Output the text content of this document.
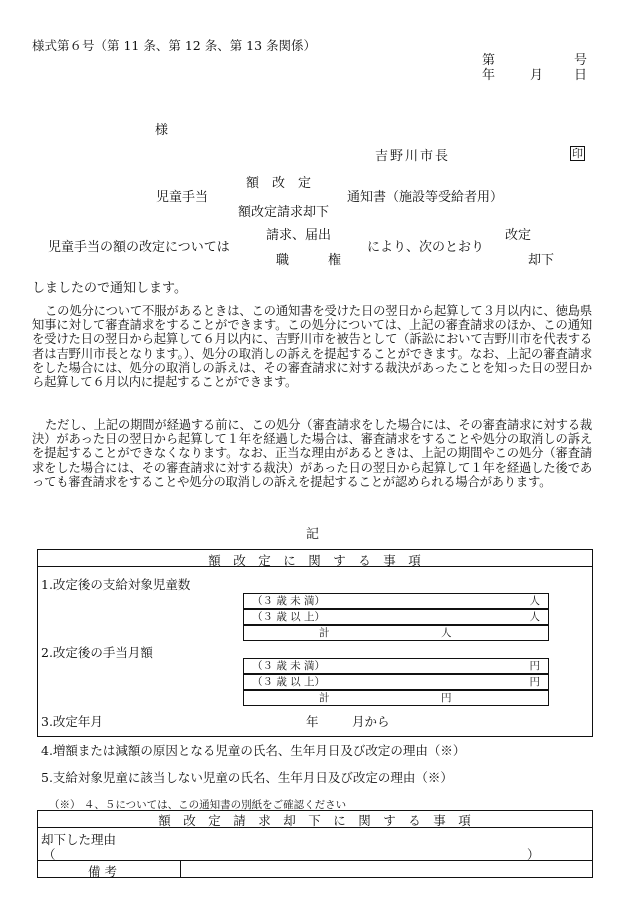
様式第６号（第 11 条、第 12 条、第 13 条関係）
第	号
年	月 日
様
吉野川市長	印
額　改　定
児童手当	通知書（施設等受給者用）
額改定請求却下
請求、届出	改定
児童手当の額の改定については	により、次のとおり
職　　　権	却下
しましたので通知します。
この処分について不服があるときは、この通知書を受けた日の翌日から起算して３月以内に、徳島県知事に対して審査請求をすることができます。この処分については、上記の審査請求のほか、この通知を受けた日の翌日から起算して６月以内に、吉野川市を被告として（訴訟において吉野川市を代表する者は吉野川市長となります。）、処分の取消しの訴えを提起することができます。なお、上記の審査請求をした場合には、処分の取消しの訴えは、その審査請求に対する裁決があったことを知った日の翌日から起算して６月以内に提起することができます。
ただし、上記の期間が経過する前に、この処分（審査請求をした場合には、その審査請求に対する裁決）があった日の翌日から起算して１年を経過した場合は、審査請求をすることや処分の取消しの訴えを提起することができなくなります。なお、正当な理由があるときは、上記の期間やこの処分（審査請求をした場合には、その審査請求に対する裁決）があった日の翌日から起算して１年を経過した後であっても審査請求をすることや処分の取消しの訴えを提起することが認められる場合があります。
記
額　改　定　に　関　す　る　事　項
1.改定後の支給対象児童数
（３ 歳 未 満）	人
（３ 歳 以 上）	人
計	人
2.改定後の手当月額
（３ 歳 未 満）	円
（３ 歳 以 上）	円
計	円
3.改定年月	年	月から
4.増額または減額の原因となる児童の氏名、生年月日及び改定の理由（※）
5.支給対象児童に該当しない児童の氏名、生年月日及び改定の理由（※）
（※） ４、５については、この通知書の別紙をご確認ください
額　改　定　請　求　却　下　に　関　す　る　事　項
却下した理由
（	）
備考
